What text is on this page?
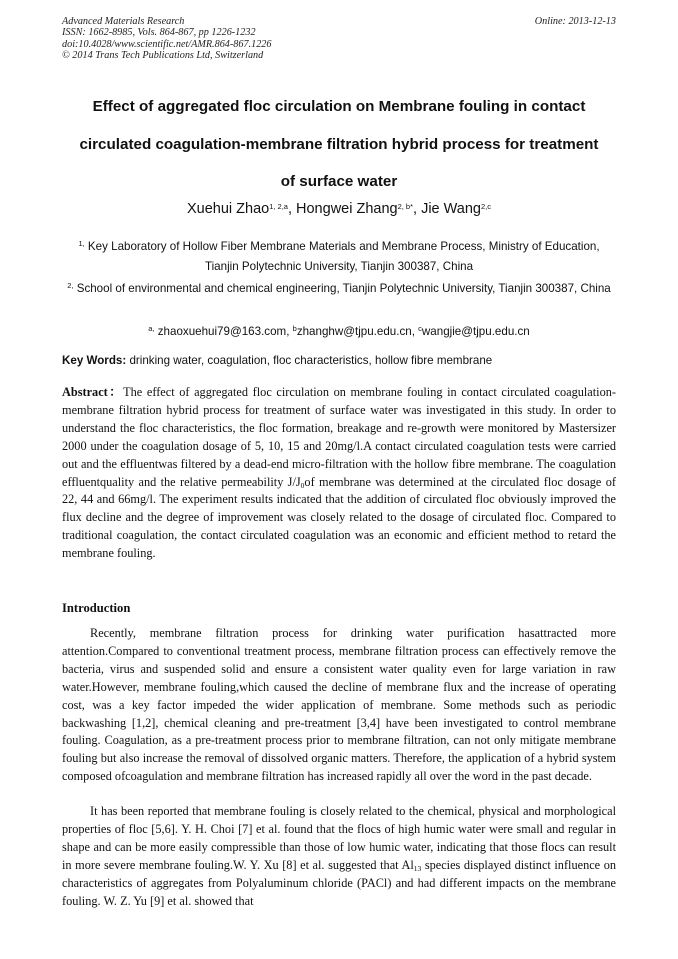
Advanced Materials Research
ISSN: 1662-8985, Vols. 864-867, pp 1226-1232
doi:10.4028/www.scientific.net/AMR.864-867.1226
© 2014 Trans Tech Publications Ltd, Switzerland
Online: 2013-12-13
Effect of aggregated floc circulation on Membrane fouling in contact
circulated coagulation-membrane filtration hybrid process for treatment
of surface water
Xuehui Zhao$^{1, 2,a}$, Hongwei Zhang$^{2, b*}$, Jie Wang$^{2,c}$
$^{1,}$ Key Laboratory of Hollow Fiber Membrane Materials and Membrane Process, Ministry of Education, Tianjin Polytechnic University, Tianjin 300387, China
$^{2,}$ School of environmental and chemical engineering, Tianjin Polytechnic University, Tianjin 300387, China
$^{a,}$ zhaoxuehui79@163.com, $^b$zhanghw@tjpu.edu.cn, $^c$wangjie@tjpu.edu.cn
Key Words: drinking water, coagulation, floc characteristics, hollow fibre membrane

Abstract：The effect of aggregated floc circulation on membrane fouling in contact circulated coagulation-membrane filtration hybrid process for treatment of surface water was investigated in this study. In order to understand the floc characteristics, the floc formation, breakage and re-growth were monitored by Mastersizer 2000 under the coagulation dosage of 5, 10, 15 and 20mg/l.A contact circulated coagulation tests were carried out and the effluentwas filtered by a dead-end micro-filtration with the hollow fibre membrane. The coagulation effluentquality and the relative permeability $J/J_0of$ membrane was determined at the circulated floc dosage of 22, 44 and 66mg/l. The experiment results indicated that the addition of circulated floc obviously improved the flux decline and the degree of improvement was closely related to the dosage of circulated floc. Compared to traditional coagulation, the contact circulated coagulation was an economic and efficient method to retard the membrane fouling.

Introduction

Recently, membrane filtration process for drinking water purification hasattracted more attention.Compared to conventional treatment process, membrane filtration process can effectively remove the bacteria, virus and suspended solid and ensure a consistent water quality even for large variation in raw water.However, membrane fouling,which caused the decline of membrane flux and the increase of operating cost, was a key factor impeded the wider application of membrane. Some methods such as periodic backwashing [1,2], chemical cleaning and pre-treatment [3,4] have been investigated to control membrane fouling. Coagulation, as a pre-treatment process prior to membrane filtration, can not only mitigate membrane fouling but also increase the removal of dissolved organic matters. Therefore, the application of a hybrid system composed ofcoagulation and membrane filtration has increased rapidly all over the word in the past decade.

It has been reported that membrane fouling is closely related to the chemical, physical and morphological properties of floc [5,6]. Y. H. Choi [7] et al. found that the flocs of high humic water were small and regular in shape and can be more easily compressible than those of low humic water, indicating that those flocs can result in more severe membrane fouling.W. Y. Xu [8] et al. suggested that $Al_{13}$ species displayed distinct influence on characteristics of aggregates from Polyaluminum chloride (PACl) and had different impacts on the membrane fouling. W. Z. Yu [9] et al. showed that
